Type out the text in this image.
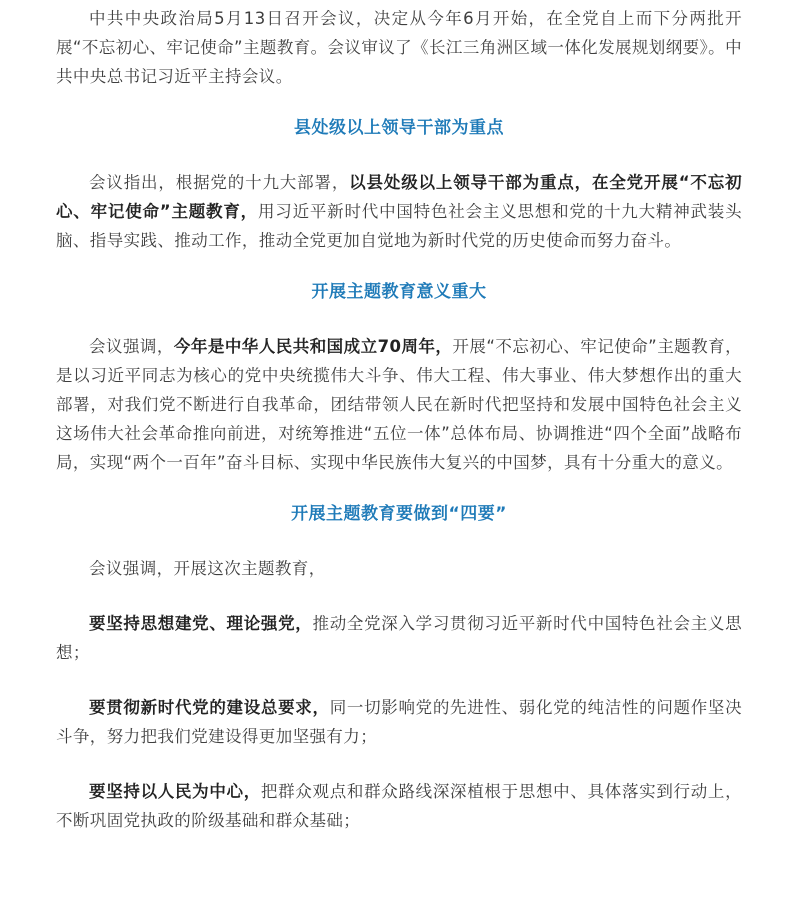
中共中央政治局5月13日召开会议，决定从今年6月开始，在全党自上而下分两批开展“不忘初心、牢记使命”主题教育。会议审议了《长江三角洲区域一体化发展规划纲要》。中共中央总书记习近平主持会议。

县处级以上领导干部为重点

会议指出，根据党的十九大部署，以县处级以上领导干部为重点，在全党开展“不忘初心、牢记使命”主题教育，用习近平新时代中国特色社会主义思想和党的十九大精神武装头脑、指导实践、推动工作，推动全党更加自觉地为新时代党的历史使命而努力奋斗。

开展主题教育意义重大

会议强调，今年是中华人民共和国成立70周年，开展“不忘初心、牢记使命”主题教育，是以习近平同志为核心的党中央统揽伟大斗争、伟大工程、伟大事业、伟大梦想作出的重大部署，对我们党不断进行自我革命，团结带领人民在新时代把坚持和发展中国特色社会主义这场伟大社会革命推向前进，对统筹推进“五位一体”总体布局、协调推进“四个全面”战略布局，实现“两个一百年”奋斗目标、实现中华民族伟大复兴的中国梦，具有十分重大的意义。

开展主题教育要做到“四要”

会议强调，开展这次主题教育，

要坚持思想建党、理论强党，推动全党深入学习贯彻习近平新时代中国特色社会主义思想；

要贯彻新时代党的建设总要求，同一切影响党的先进性、弱化党的纯洁性的问题作坚决斗争，努力把我们党建设得更加坚强有力；

要坚持以人民为中心，把群众观点和群众路线深深植根于思想中、具体落实到行动上，不断巩固党执政的阶级基础和群众基础；
